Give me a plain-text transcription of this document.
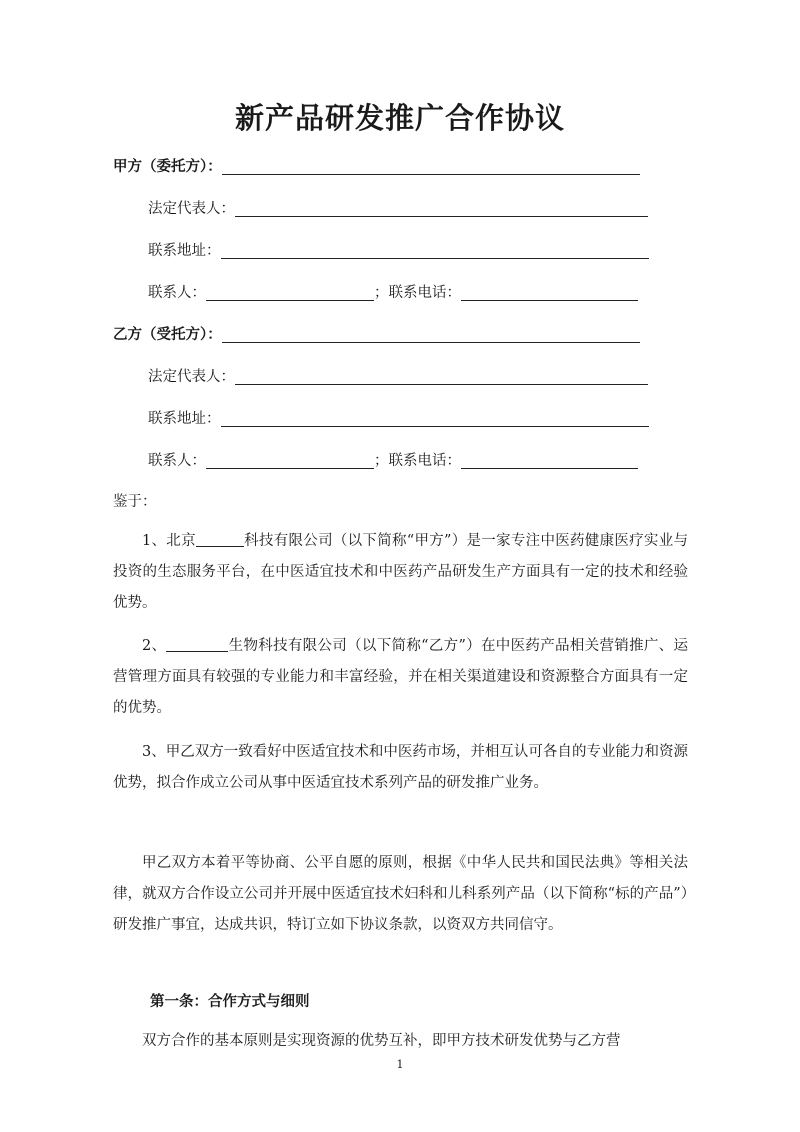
新产品研发推广合作协议
甲方（委托方）：
法定代表人：
联系地址：
联系人：	；联系电话：
乙方（受托方）：
法定代表人：
联系地址：
联系人：	；联系电话：
鉴于：
1、北京	科技有限公司（以下简称“甲方”）是一家专注中医药健康医疗实业与投资的生态服务平台，在中医适宜技术和中医药产品研发生产方面具有一定的技术和经验优势。
2、	生物科技有限公司（以下简称“乙方”）在中医药产品相关营销推广、运营管理方面具有较强的专业能力和丰富经验，并在相关渠道建设和资源整合方面具有一定的优势。
3、甲乙双方一致看好中医适宜技术和中医药市场，并相互认可各自的专业能力和资源优势，拟合作成立公司从事中医适宜技术系列产品的研发推广业务。
甲乙双方本着平等协商、公平自愿的原则，根据《中华人民共和国民法典》等相关法律，就双方合作设立公司并开展中医适宜技术妇科和儿科系列产品（以下简称“标的产品”）研发推广事宜，达成共识，特订立如下协议条款，以资双方共同信守。
第一条：合作方式与细则
双方合作的基本原则是实现资源的优势互补，即甲方技术研发优势与乙方营
1
